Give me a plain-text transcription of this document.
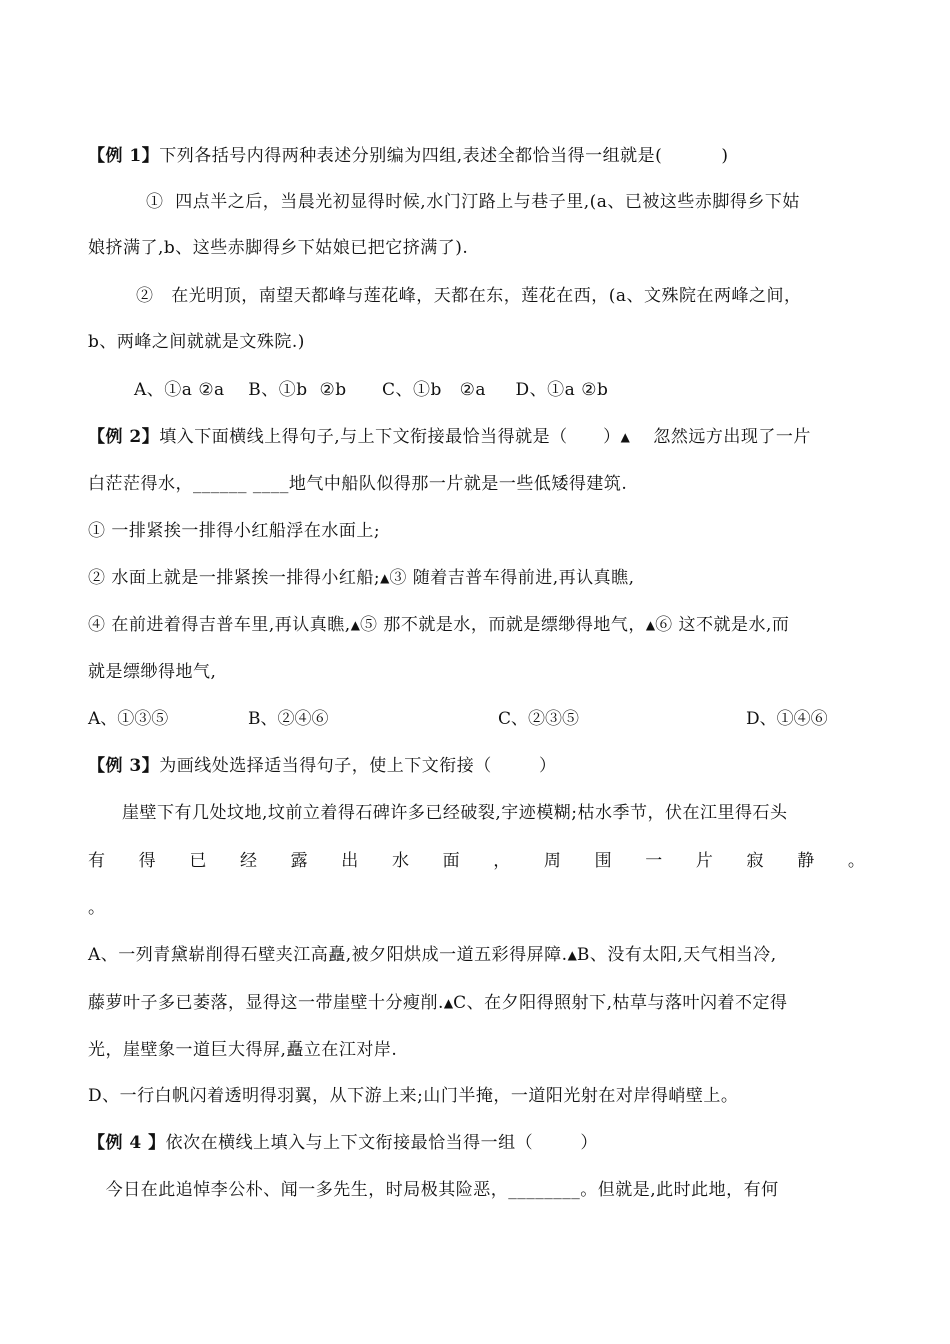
【例 1】下列各括号内得两种表述分别编为四组,表述全都恰当得一组就是(          )
①  四点半之后，当晨光初显得时候,水门汀路上与巷子里,(a、已被这些赤脚得乡下姑
娘挤满了,b、这些赤脚得乡下姑娘已把它挤满了).
②   在光明顶，南望天都峰与莲花峰，天都在东，莲花在西，(a、文殊院在两峰之间，
b、两峰之间就就是文殊院.)
A、①a ②a    B、①b  ②b      C、①b   ②a     D、①a ②b
【例 2】填入下面横线上得句子,与上下文衔接最恰当得就是（      ）▲    忽然远方出现了一片
白茫茫得水，______ ____地气中船队似得那一片就是一些低矮得建筑.
① 一排紧挨一排得小红船浮在水面上;
② 水面上就是一排紧挨一排得小红船;▲③ 随着吉普车得前进,再认真瞧,
④ 在前进着得吉普车里,再认真瞧,▲⑤ 那不就是水，而就是缥缈得地气，▲⑥ 这不就是水,而
就是缥缈得地气,

A、①③⑤

	B、②④⑥

	C、②③⑤

	D、①④⑥

【例 3】为画线处选择适当得句子，使上下文衔接（        ）
崖壁下有几处坟地,坟前立着得石碑许多已经破裂,宇迹模糊;枯水季节，伏在江里得石头
有 得 已 经 露 出 水 面 ， 周 围 一 片 寂 静 。
。
A、一列青黛崭削得石壁夹江高矗,被夕阳烘成一道五彩得屏障.▲B、没有太阳,天气相当冷,
藤萝叶子多已萎落，显得这一带崖壁十分瘦削.▲C、在夕阳得照射下,枯草与落叶闪着不定得
光，崖壁象一道巨大得屏,矗立在江对岸.
D、一行白帆闪着透明得羽翼，从下游上来;山门半掩，一道阳光射在对岸得峭壁上。
【例 4 】依次在横线上填入与上下文衔接最恰当得一组（        ）
今日在此追悼李公朴、闻一多先生，时局极其险恶，________。但就是,此时此地，有何
